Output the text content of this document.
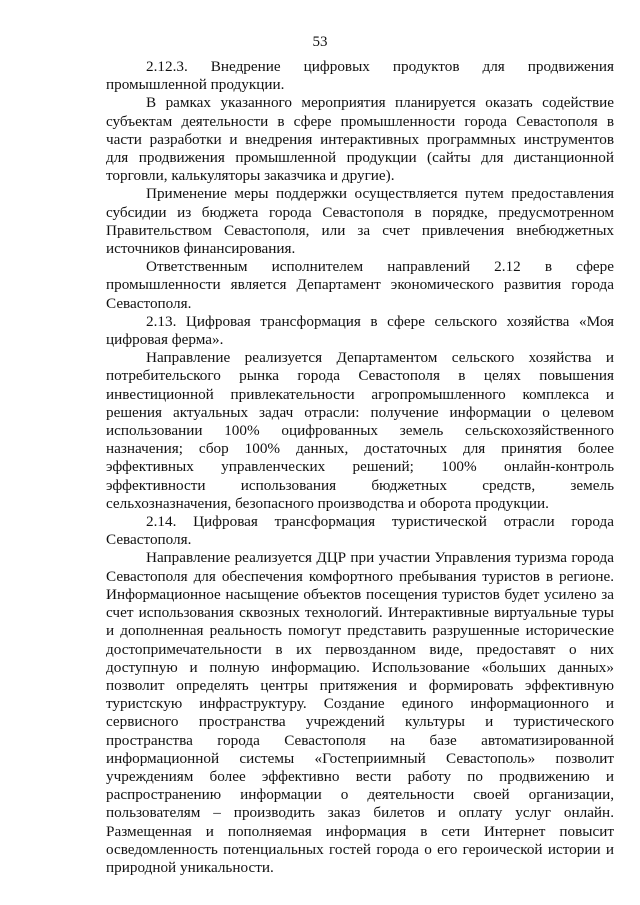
53

2.12.3. Внедрение цифровых продуктов для продвижения промышленной продукции.

В рамках указанного мероприятия планируется оказать содействие субъектам деятельности в сфере промышленности города Севастополя в части разработки и внедрения интерактивных программных инструментов для продвижения промышленной продукции (сайты для дистанционной торговли, калькуляторы заказчика и другие).

Применение меры поддержки осуществляется путем предоставления субсидии из бюджета города Севастополя в порядке, предусмотренном Правительством Севастополя, или за счет привлечения внебюджетных источников финансирования.

Ответственным исполнителем направлений 2.12 в сфере промышленности является Департамент экономического развития города Севастополя.

2.13. Цифровая трансформация в сфере сельского хозяйства «Моя цифровая ферма».

Направление реализуется Департаментом сельского хозяйства и потребительского рынка города Севастополя в целях повышения инвестиционной привлекательности агропромышленного комплекса и решения актуальных задач отрасли: получение информации о целевом использовании 100% оцифрованных земель сельскохозяйственного назначения; сбор 100% данных, достаточных для принятия более эффективных управленческих решений; 100% онлайн-контроль эффективности использования бюджетных средств, земель сельхозназначения, безопасного производства и оборота продукции.

2.14. Цифровая трансформация туристической отрасли города Севастополя.

Направление реализуется ДЦР при участии Управления туризма города Севастополя для обеспечения комфортного пребывания туристов в регионе. Информационное насыщение объектов посещения туристов будет усилено за счет использования сквозных технологий. Интерактивные виртуальные туры и дополненная реальность помогут представить разрушенные исторические достопримечательности в их первозданном виде, предоставят о них доступную и полную информацию. Использование «больших данных» позволит определять центры притяжения и формировать эффективную туристскую инфраструктуру. Создание единого информационного и сервисного пространства учреждений культуры и туристического пространства города Севастополя на базе автоматизированной информационной системы «Гостеприимный Севастополь» позволит учреждениям более эффективно вести работу по продвижению и распространению информации о деятельности своей организации, пользователям – производить заказ билетов и оплату услуг онлайн. Размещенная и пополняемая информация в сети Интернет повысит осведомленность потенциальных гостей города о его героической истории и природной уникальности.
